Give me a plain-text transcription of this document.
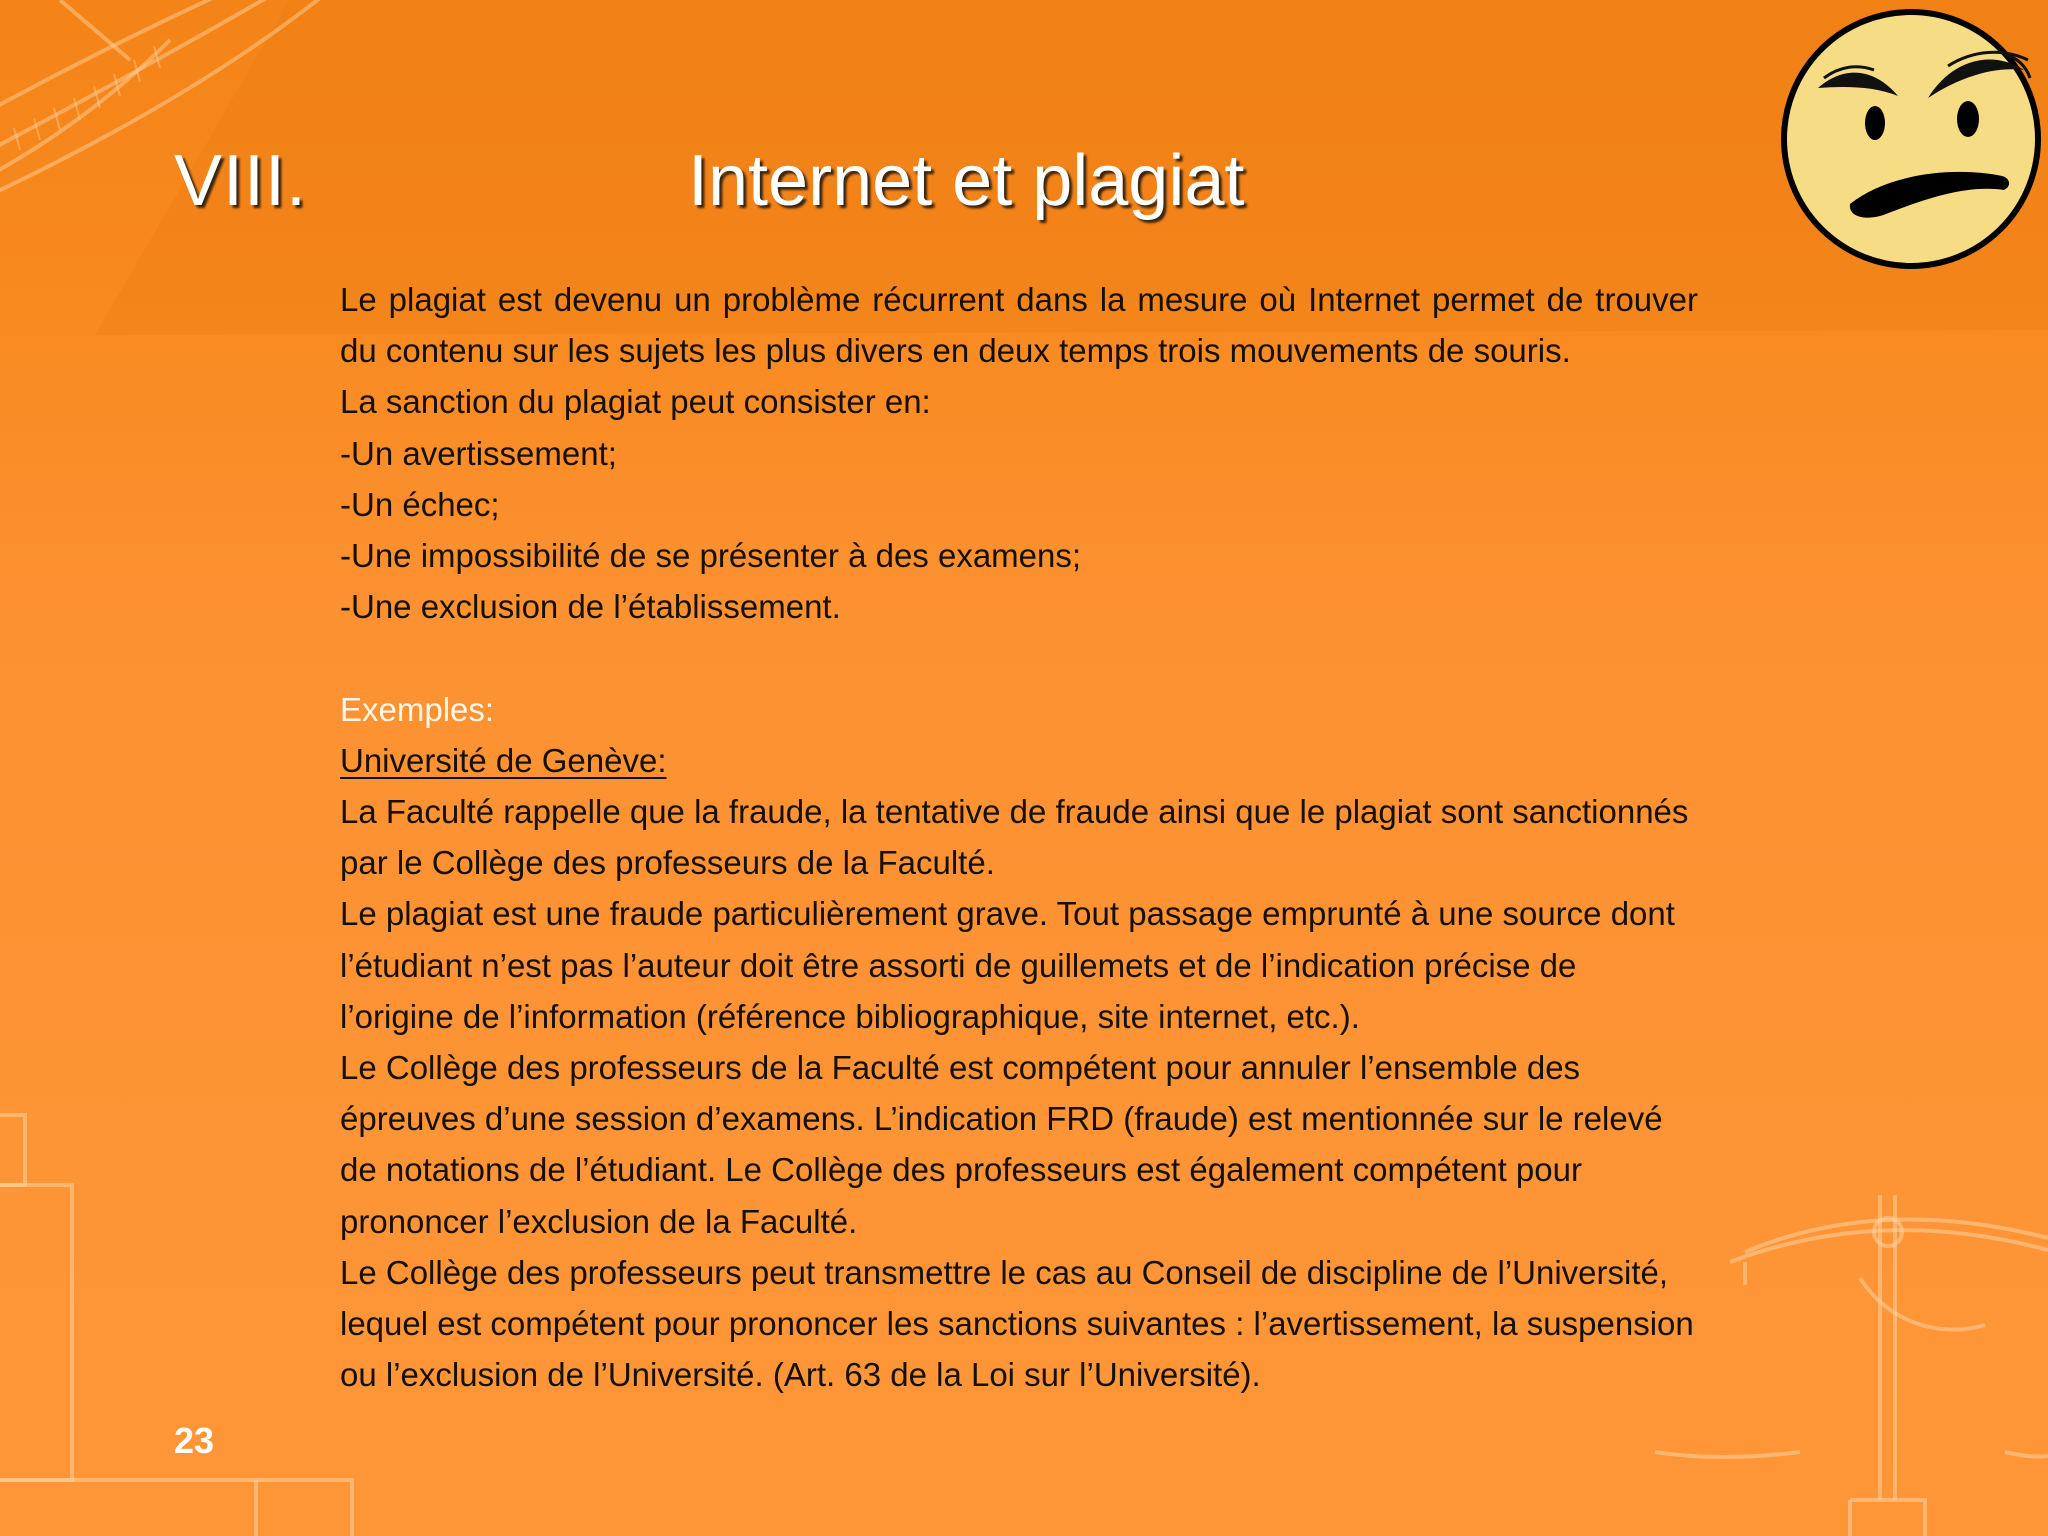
VIII.	Internet et plagiat

Le plagiat est devenu un problème récurrent dans la mesure où Internet permet de trouver du contenu sur les sujets les plus divers en deux temps trois mouvements de souris.

La sanction du plagiat peut consister en:

-Un avertissement;

-Un échec;

-Une impossibilité de se présenter à des examens;

-Une exclusion de l’établissement.

Exemples:

Université de Genève:

La Faculté rappelle que la fraude, la tentative de fraude ainsi que le plagiat sont sanctionnés par le Collège des professeurs de la Faculté.

Le plagiat est une fraude particulièrement grave. Tout passage emprunté à une source dont l’étudiant n’est pas l’auteur doit être assorti de guillemets et de l’indication précise de l’origine de l’information (référence bibliographique, site internet, etc.).

Le Collège des professeurs de la Faculté est compétent pour annuler l’ensemble des épreuves d’une session d’examens. L’indication FRD (fraude) est mentionnée sur le relevé de notations de l’étudiant. Le Collège des professeurs est également compétent pour prononcer l’exclusion de la Faculté.

Le Collège des professeurs peut transmettre le cas au Conseil de discipline de l’Université, lequel est compétent pour prononcer les sanctions suivantes : l’avertissement, la suspension ou l’exclusion de l’Université. (Art. 63 de la Loi sur l’Université).

23
